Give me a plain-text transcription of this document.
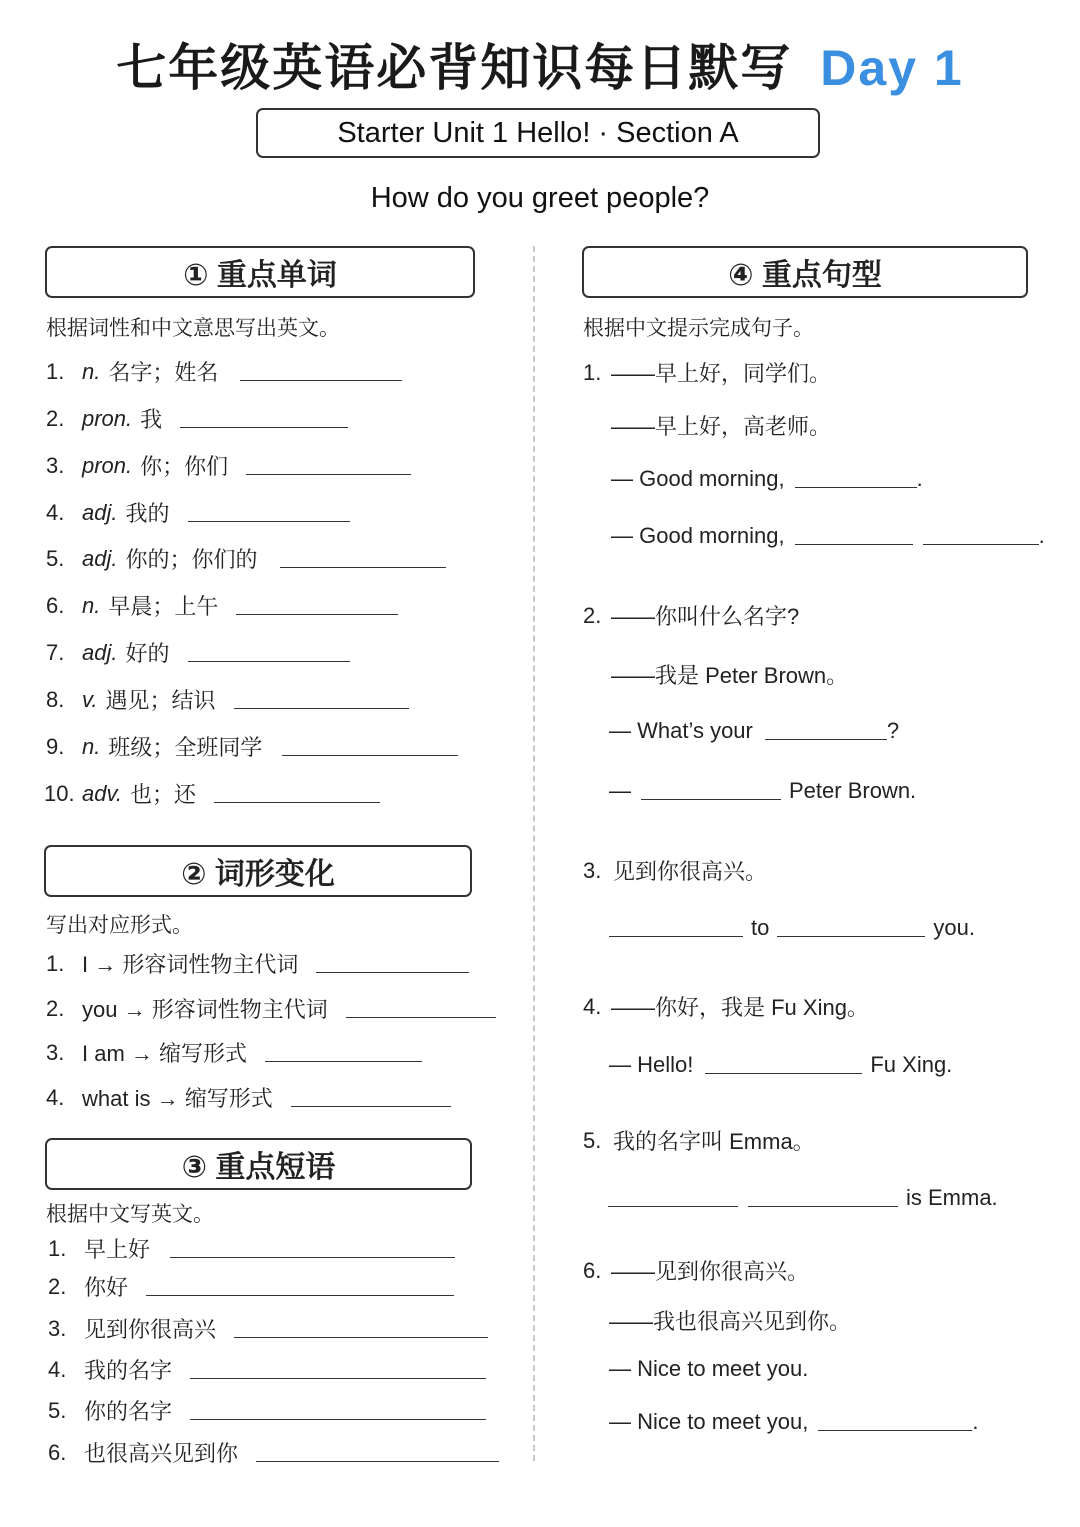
七年级英语必背知识每日默写 Day 1
Starter Unit 1 Hello! · Section A
How do you greet people?
① 重点单词
根据词性和中文意思写出英文。
1. n. 名字；姓名
2. pron. 我
3. pron. 你；你们
4. adj. 我的
5. adj. 你的；你们的
6. n. 早晨；上午
7. adj. 好的
8. v. 遇见；结识
9. n. 班级；全班同学
10. adv. 也；还
② 词形变化
写出对应形式。
1. I → 形容词性物主代词
2. you → 形容词性物主代词
3. I am → 缩写形式
4. what is → 缩写形式
③ 重点短语
根据中文写英文。
1. 早上好
2. 你好
3. 见到你很高兴
4. 我的名字
5. 你的名字
6. 也很高兴见到你
④ 重点句型
根据中文提示完成句子。
1. ——早上好，同学们。
——早上好，高老师。
— Good morning,	.
— Good morning,	.
2. ——你叫什么名字?
——我是 Peter Brown。
— What’s your	?
—	Peter Brown.
3. 见到你很高兴。
to	you.
4. ——你好，我是 Fu Xing。
— Hello!	Fu Xing.
5. 我的名字叫 Emma。
is Emma.
6. ——见到你很高兴。
——我也很高兴见到你。
— Nice to meet you.
— Nice to meet you,	.
